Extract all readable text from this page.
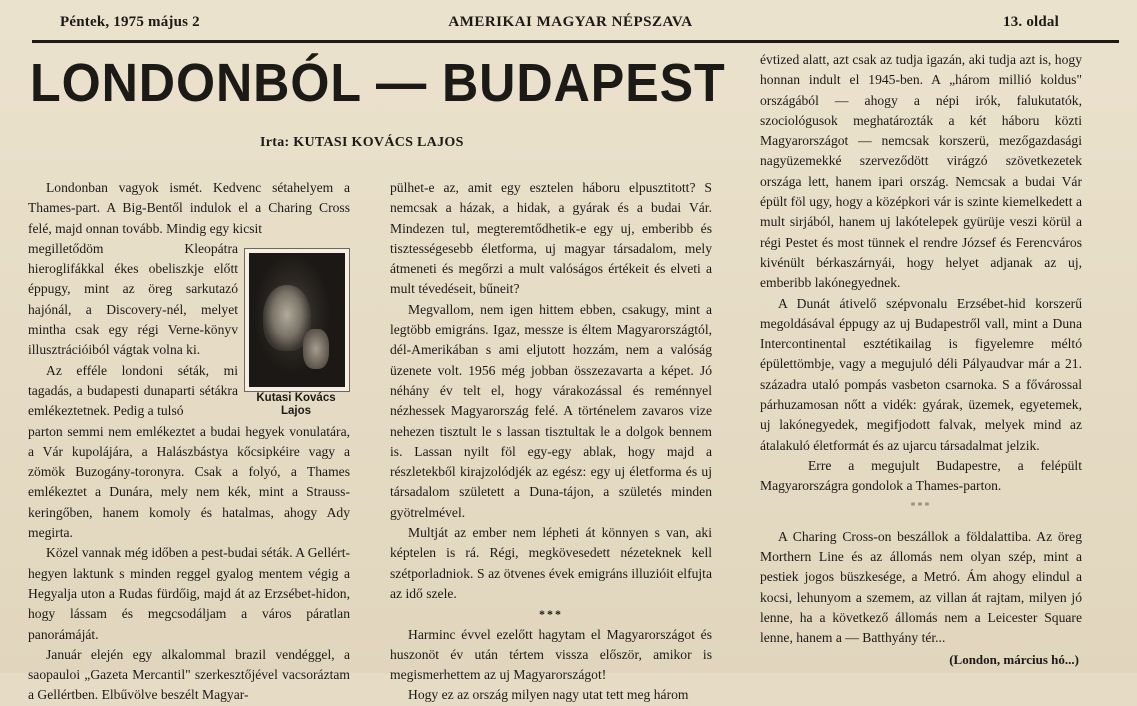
Péntek, 1975 május 2	AMERIKAI MAGYAR NÉPSZAVA	13. oldal
LONDONBÓL — BUDAPEST
Irta: KUTASI KOVÁCS LAJOS

Londonban vagyok ismét. Kedvenc sétahelyem a Thames-part. A Big-Bentől indulok el a Charing Cross felé, majd onnan tovább. Mindig egy kicsit

megilletődöm Kleopátra hieroglifákkal ékes obeliszkje előtt éppugy, mint az öreg sarkutazó hajónál, a Discovery-nél, melyet mintha csak egy régi Verne-könyv illusztrációiból vágtak volna ki.

Az efféle londoni séták, mi tagadás, a budapesti dunaparti sétákra emlékeztetnek. Pedig a tulsó

parton semmi nem emlékeztet a budai hegyek vonulatára, a Vár kupolájára, a Halászbástya kőcsipkéire vagy a zömök Buzogány-toronyra. Csak a folyó, a Thames emlékeztet a Dunára, mely nem kék, mint a Strauss-keringőben, hanem komoly és hatalmas, ahogy Ady megirta.

Közel vannak még időben a pest-budai séták. A Gellért-hegyen laktunk s minden reggel gyalog mentem végig a Hegyalja uton a Rudas fürdőig, majd át az Erzsébet-hidon, hogy lássam és megcsodáljam a város páratlan panorámáját.

Január elején egy alkalommal brazil vendéggel, a saopauloi „Gazeta Mercantil" szerkesztőjével vacsoráztam a Gellértben. Elbűvölve beszélt Magyar-

Kutasi Kovács Lajos

pülhet-e az, amit egy esztelen háboru elpusztitott? S nemcsak a házak, a hidak, a gyárak és a budai Vár. Mindezen tul, megteremtődhetik-e egy uj, emberibb és tisztességesebb életforma, uj magyar társadalom, mely átmeneti és megőrzi a mult valóságos értékeit és elveti a mult tévedéseit, bűneit?

Megvallom, nem igen hittem ebben, csakugy, mint a legtöbb emigráns. Igaz, messze is éltem Magyarországtól, dél-Amerikában s ami eljutott hozzám, nem a valóság üzenete volt. 1956 még jobban összezavarta a képet. Jó néhány év telt el, hogy várakozással és reménnyel nézhessek Magyarország felé. A történelem zavaros vize nehezen tisztult le s lassan tisztultak le a dolgok bennem is. Lassan nyilt föl egy-egy ablak, hogy majd a részletekből kirajzolódjék az egész: egy uj életforma és uj társadalom született a Duna-tájon, a születés minden gyötrelmével.

Multját az ember nem lépheti át könnyen s van, aki képtelen is rá. Régi, megkövesedett nézeteknek kell szétporladniok. S az ötvenes évek emigráns illuzióit elfujta az idő szele.

***

Harminc évvel ezelőtt hagytam el Magyarországot és huszonöt év után tértem vissza először, amikor is megismerhettem az uj Magyarországot!

Hogy ez az ország milyen nagy utat tett meg három

évtized alatt, azt csak az tudja igazán, aki tudja azt is, hogy honnan indult el 1945-ben. A „három millió koldus" országából — ahogy a népi irók, falukutatók, szociológusok meghatározták a két háboru közti Magyarországot — nemcsak korszerü, mezőgazdasági nagyüzemekké szerveződött virágzó szövetkezetek országa lett, hanem ipari ország. Nemcsak a budai Vár épült föl ugy, hogy a középkori vár is szinte kiemelkedett a mult sirjából, hanem uj lakótelepek gyürüje veszi körül a régi Pestet és most tünnek el rendre József és Ferencváros kivénült bérkaszárnyái, hogy helyet adjanak az uj, emberibb lakónegyednek.

A Dunát átivelő szépvonalu Erzsébet-hid korszerű megoldásával éppugy az uj Budapestről vall, mint a Duna Intercontinental esztétikailag is figyelemre méltó épülettömbje, vagy a megujuló déli Pályaudvar már a 21. századra utaló pompás vasbeton csarnoka. S a fővárossal párhuzamosan nőtt a vidék: gyárak, üzemek, egyetemek, uj lakónegyedek, megifjodott falvak, melyek mind az átalakuló életformát és az ujarcu társadalmat jelzik.

Erre a megujult Budapestre, a felépült Magyarországra gondolok a Thames-parton.

***

A Charing Cross-on beszállok a földalattiba. Az öreg Morthern Line és az állomás nem olyan szép, mint a pestiek jogos büszkesége, a Metró. Ám ahogy elindul a kocsi, lehunyom a szemem, az villan át rajtam, milyen jó lenne, ha a következő állomás nem a Leicester Square lenne, hanem a — Batthyány tér...

(London, március hó...)
